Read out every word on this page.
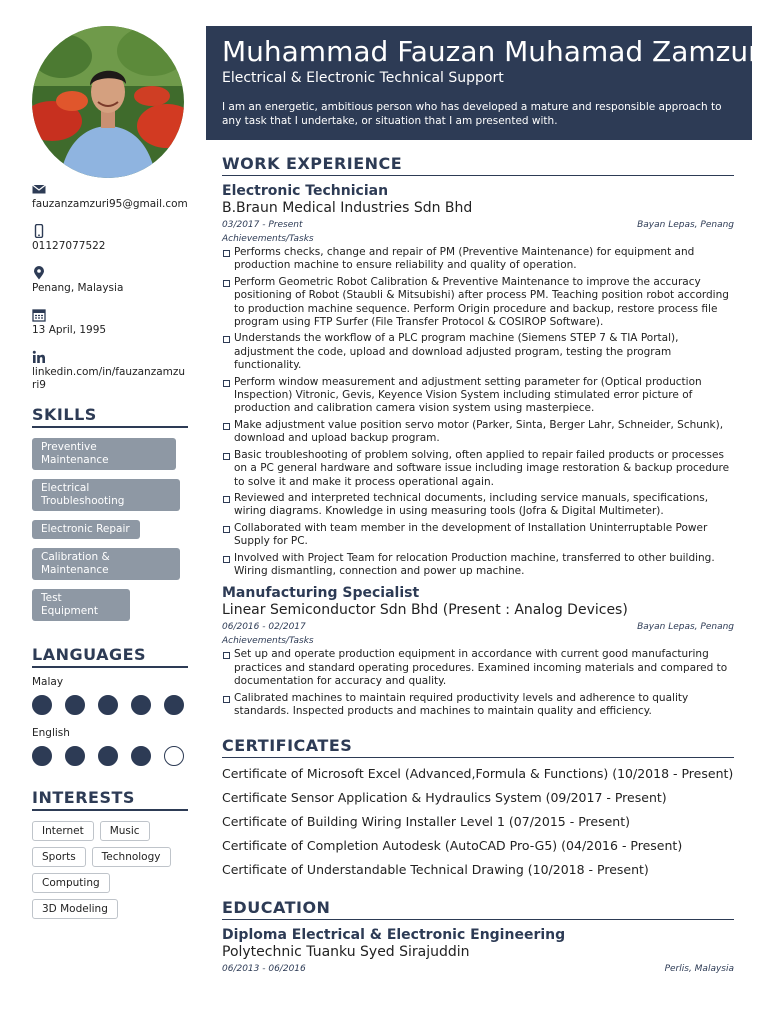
fauzanzamzuri95@gmail.com
01127077522
Penang, Malaysia
13 April, 1995
linkedin.com/in/fauzanzamzuri9
SKILLS
Preventive Maintenance
Electrical Troubleshooting
Electronic Repair
Calibration & Maintenance
Test Equipment
LANGUAGES
Malay
English
INTERESTS
Internet	Music
Sports	Technology
Computing
3D Modeling
Muhammad Fauzan Muhamad Zamzuri
Electrical & Electronic Technical Support
I am an energetic, ambitious person who has developed a mature and responsible approach to any task that I undertake, or situation that I am presented with.
WORK EXPERIENCE
Electronic Technician
B.Braun Medical Industries Sdn Bhd
03/2017 - Present	Bayan Lepas, Penang
Achievements/Tasks
Performs checks, change and repair of PM (Preventive Maintenance) for equipment and production machine to ensure reliability and quality of operation.
Perform Geometric Robot Calibration & Preventive Maintenance to improve the accuracy positioning of Robot (Staubli & Mitsubishi) after process PM. Teaching position robot according to production machine sequence. Perform Origin procedure and backup, restore process file program using FTP Surfer (File Transfer Protocol & COSIROP Software).
Understands the workflow of a PLC program machine (Siemens STEP 7 & TIA Portal), adjustment the code, upload and download adjusted program, testing the program functionality.
Perform window measurement and adjustment setting parameter for (Optical production Inspection) Vitronic, Gevis, Keyence Vision System including stimulated error picture of production and calibration camera vision system using masterpiece.
Make adjustment value position servo motor (Parker, Sinta, Berger Lahr, Schneider, Schunk), download and upload backup program.
Basic troubleshooting of problem solving, often applied to repair failed products or processes on a PC general hardware and software issue including image restoration & backup procedure to solve it and make it process operational again.
Reviewed and interpreted technical documents, including service manuals, specifications, wiring diagrams. Knowledge in using measuring tools (Jofra & Digital Multimeter).
Collaborated with team member in the development of Installation Uninterruptable Power Supply for PC.
Involved with Project Team for relocation Production machine, transferred to other building. Wiring dismantling, connection and power up machine.
Manufacturing Specialist
Linear Semiconductor Sdn Bhd (Present : Analog Devices)
06/2016 - 02/2017	Bayan Lepas, Penang
Achievements/Tasks
Set up and operate production equipment in accordance with current good manufacturing practices and standard operating procedures. Examined incoming materials and compared to documentation for accuracy and quality.
Calibrated machines to maintain required productivity levels and adherence to quality standards. Inspected products and machines to maintain quality and efficiency.
CERTIFICATES
Certificate of Microsoft Excel (Advanced,Formula & Functions) (10/2018 - Present)
Certificate Sensor Application & Hydraulics System (09/2017 - Present)
Certificate of Building Wiring Installer Level 1 (07/2015 - Present)
Certificate of Completion Autodesk (AutoCAD Pro-G5) (04/2016 - Present)
Certificate of Understandable Technical Drawing (10/2018 - Present)
EDUCATION
Diploma Electrical & Electronic Engineering
Polytechnic Tuanku Syed Sirajuddin
06/2013 - 06/2016	Perlis, Malaysia
